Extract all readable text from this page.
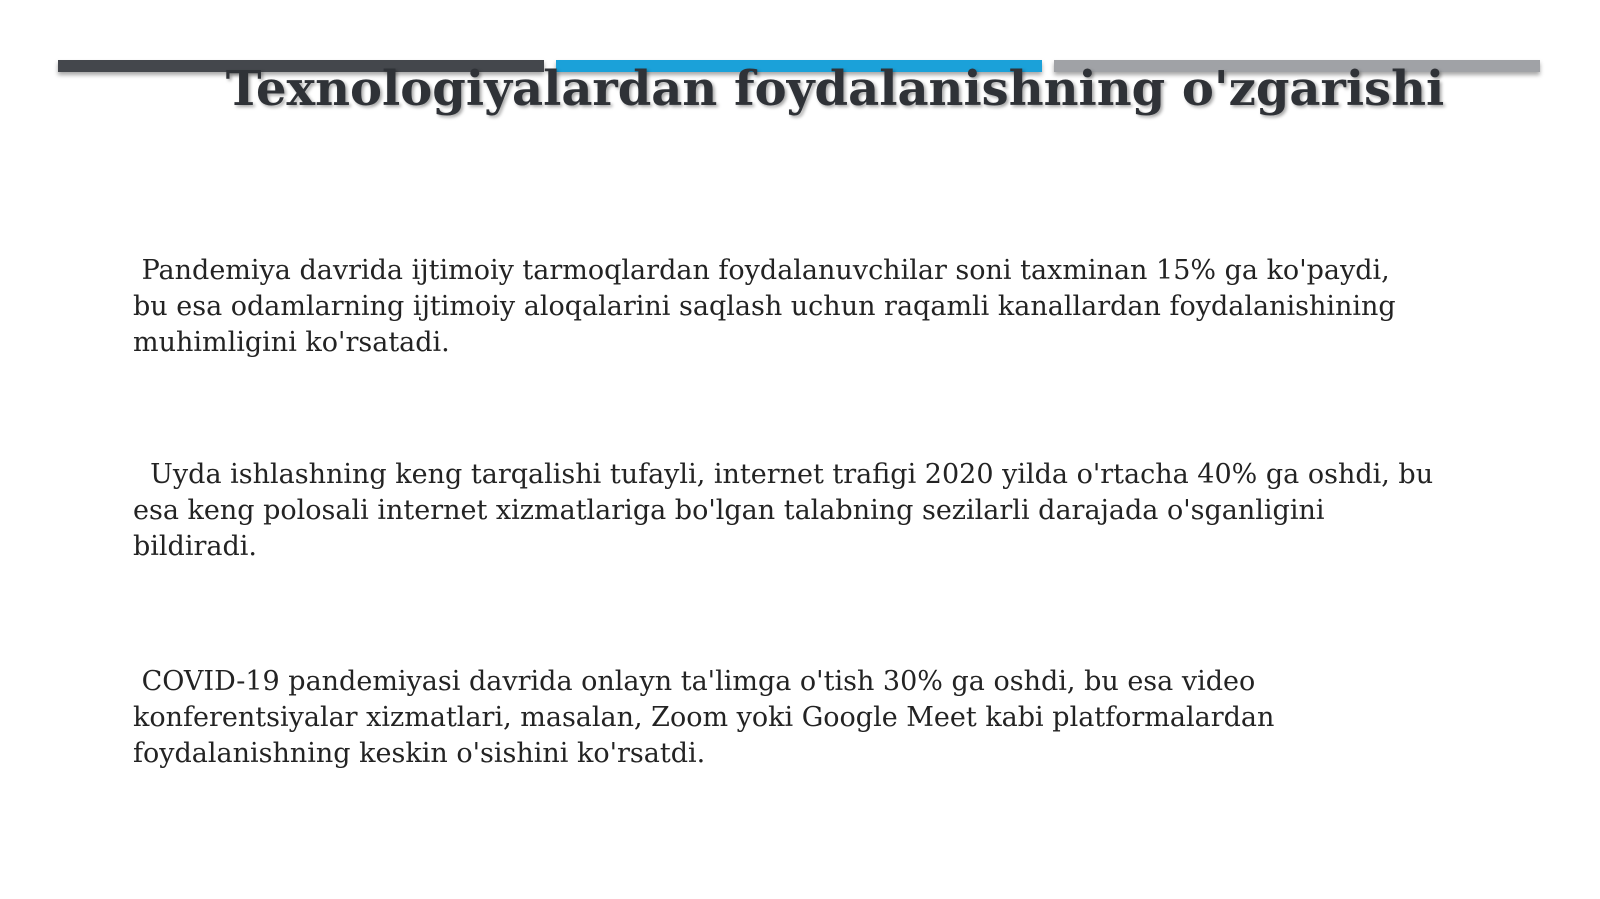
Texnologiyalardan foydalanishning o'zgarishi

Pandemiya davrida ijtimoiy tarmoqlardan foydalanuvchilar soni taxminan 15% ga ko'paydi,
bu esa odamlarning ijtimoiy aloqalarini saqlash uchun raqamli kanallardan foydalanishining
muhimligini ko'rsatadi.

Uyda ishlashning keng tarqalishi tufayli, internet trafigi 2020 yilda o'rtacha 40% ga oshdi, bu
esa keng polosali internet xizmatlariga bo'lgan talabning sezilarli darajada o'sganligini
bildiradi.

COVID-19 pandemiyasi davrida onlayn ta'limga o'tish 30% ga oshdi, bu esa video
konferentsiyalar xizmatlari, masalan, Zoom yoki Google Meet kabi platformalardan
foydalanishning keskin o'sishini ko'rsatdi.
